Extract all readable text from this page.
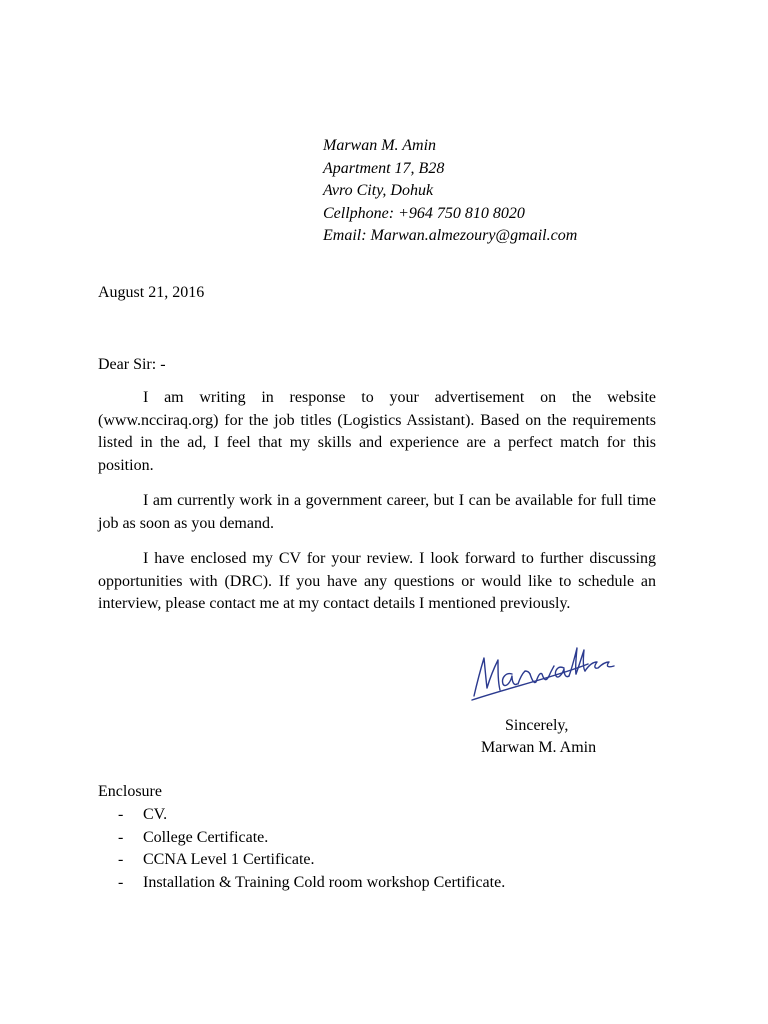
Marwan M. Amin
Apartment 17, B28
Avro City, Dohuk
Cellphone: +964 750 810 8020
Email: Marwan.almezoury@gmail.com
August 21, 2016
Dear Sir: -

I am writing in response to your advertisement on the website (www.ncciraq.org) for the job titles (Logistics Assistant). Based on the requirements listed in the ad, I feel that my skills and experience are a perfect match for this position.

I am currently work in a government career, but I can be available for full time job as soon as you demand.

I have enclosed my CV for your review. I look forward to further discussing opportunities with (DRC). If you have any questions or would like to schedule an interview, please contact me at my contact details I mentioned previously.

Sincerely,
Marwan M. Amin
Enclosure
-	CV.
-	College Certificate.
-	CCNA Level 1 Certificate.
-	Installation & Training Cold room workshop Certificate.
